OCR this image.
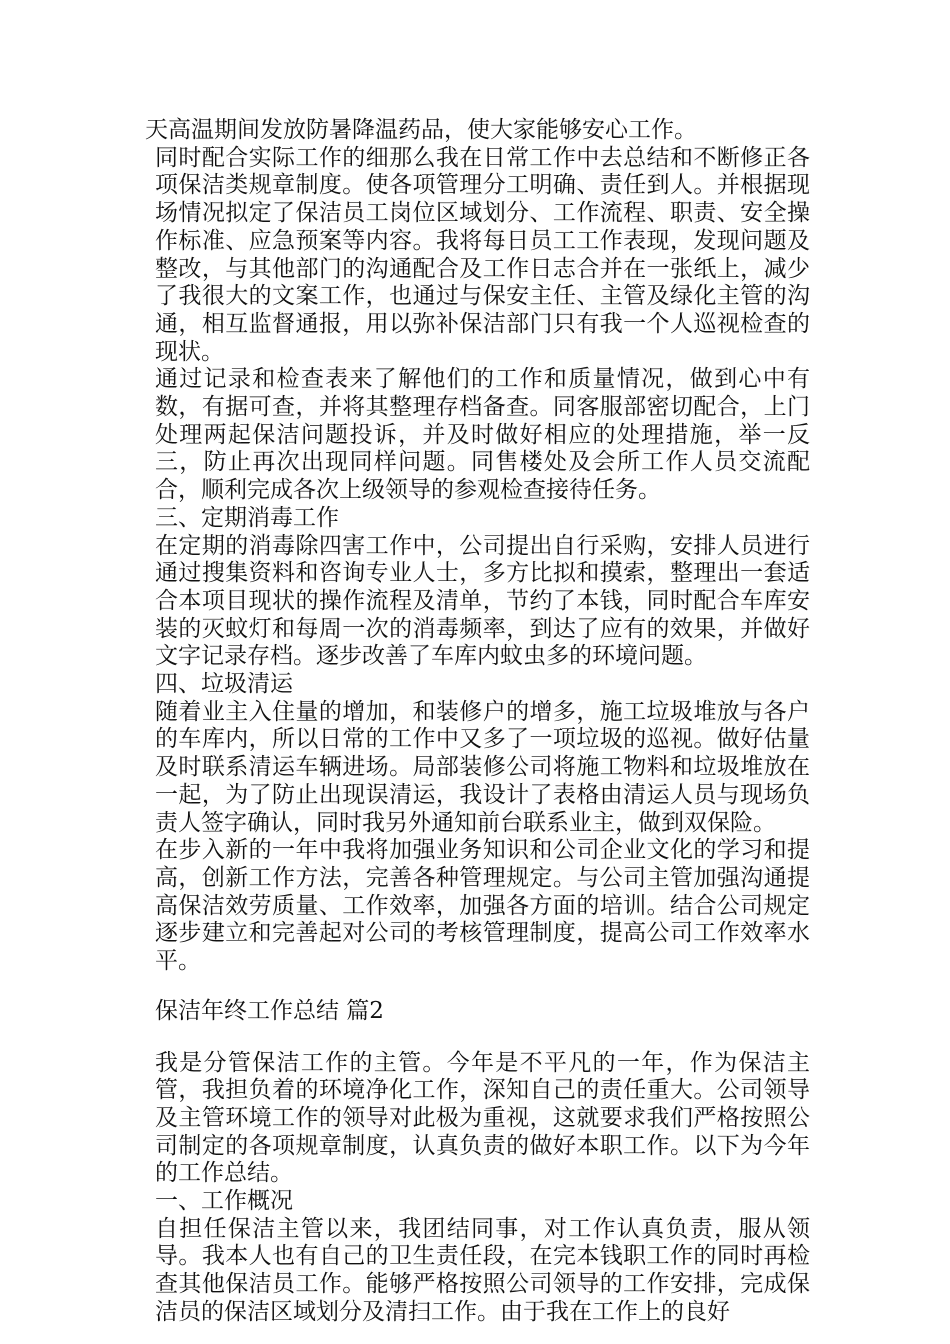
天高温期间发放防暑降温药品，使大家能够安心工作。

同时配合实际工作的细那么我在日常工作中去总结和不断修正各项保洁类规章制度。使各项管理分工明确、责任到人。并根据现场情况拟定了保洁员工岗位区域划分、工作流程、职责、安全操作标准、应急预案等内容。我将每日员工工作表现，发现问题及整改，与其他部门的沟通配合及工作日志合并在一张纸上，减少了我很大的文案工作，也通过与保安主任、主管及绿化主管的沟通，相互监督通报，用以弥补保洁部门只有我一个人巡视检查的现状。

通过记录和检查表来了解他们的工作和质量情况，做到心中有数，有据可查，并将其整理存档备查。同客服部密切配合，上门处理两起保洁问题投诉，并及时做好相应的处理措施，举一反三，防止再次出现同样问题。同售楼处及会所工作人员交流配合，顺利完成各次上级领导的参观检查接待任务。

三、定期消毒工作

在定期的消毒除四害工作中，公司提出自行采购，安排人员进行通过搜集资料和咨询专业人士，多方比拟和摸索，整理出一套适合本项目现状的操作流程及清单，节约了本钱，同时配合车库安装的灭蚊灯和每周一次的消毒频率，到达了应有的效果，并做好文字记录存档。逐步改善了车库内蚊虫多的环境问题。

四、垃圾清运

随着业主入住量的增加，和装修户的增多，施工垃圾堆放与各户的车库内，所以日常的工作中又多了一项垃圾的巡视。做好估量及时联系清运车辆进场。局部装修公司将施工物料和垃圾堆放在一起，为了防止出现误清运，我设计了表格由清运人员与现场负责人签字确认，同时我另外通知前台联系业主，做到双保险。

在步入新的一年中我将加强业务知识和公司企业文化的学习和提高，创新工作方法，完善各种管理规定。与公司主管加强沟通提高保洁效劳质量、工作效率，加强各方面的培训。结合公司规定逐步建立和完善起对公司的考核管理制度，提高公司工作效率水平。

保洁年终工作总结 篇2

我是分管保洁工作的主管。今年是不平凡的一年，作为保洁主管，我担负着的环境净化工作，深知自己的责任重大。公司领导及主管环境工作的领导对此极为重视，这就要求我们严格按照公司制定的各项规章制度，认真负责的做好本职工作。以下为今年的工作总结。

一、工作概况

自担任保洁主管以来，我团结同事，对工作认真负责，服从领导。我本人也有自己的卫生责任段，在完本钱职工作的同时再检查其他保洁员工作。能够严格按照公司领导的工作安排，完成保洁员的保洁区域划分及清扫工作。由于我在工作上的良好
